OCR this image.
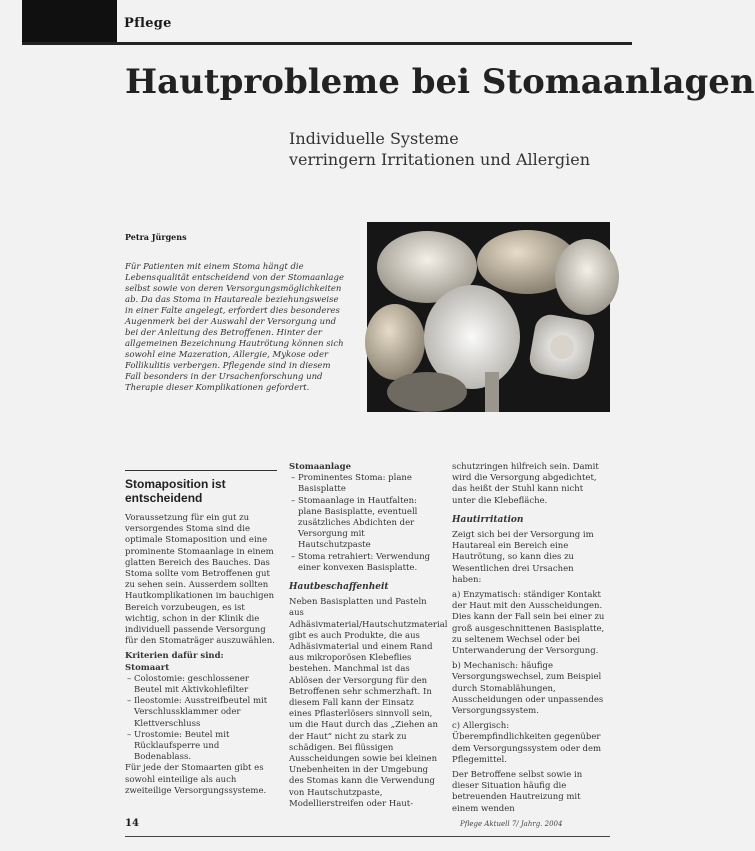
Pflege
Hautprobleme bei Stomaanlagen
Individuelle Systeme
verringern Irritationen und Allergien
Petra Jürgens
Für Patienten mit einem Stoma hängt die Lebensqualität entscheidend von der Stomaanlage selbst sowie von deren Versorgungsmöglichkeiten ab. Da das Stoma in Hautareale beziehungsweise in einer Falte angelegt, erfordert dies besonderes Augenmerk bei der Auswahl der Versorgung und bei der Anleitung des Betroffenen. Hinter der allgemeinen Bezeichnung Hautrötung können sich sowohl eine Mazeration, Allergie, Mykose oder Follikulitis verbergen. Pflegende sind in diesem Fall besonders in der Ursachenforschung und Therapie dieser Komplikationen gefordert.
Stomaposition ist entscheidend

Voraussetzung für ein gut zu versorgendes Stoma sind die optimale Stomaposition und eine prominente Stomaanlage in einem glatten Bereich des Bauches. Das Stoma sollte vom Betroffenen gut zu sehen sein. Ausserdem sollten Hautkomplikationen im bauchigen Bereich vorzubeugen, es ist wichtig, schon in der Klinik die individuell passende Versorgung für den Stomaträger auszuwählen.

Kriterien dafür sind:
Stomaart
– Colostomie: geschlossener Beutel mit Aktivkohlefilter
– Ileostomie: Ausstreifbeutel mit Verschlussklammer oder Klettverschluss
– Urostomie: Beutel mit Rücklaufsperre und Bodenablass.

Für jede der Stomaarten gibt es sowohl einteilige als auch zweiteilige Versorgungssysteme.

Stomaanlage
– Prominentes Stoma: plane Basisplatte
– Stomaanlage in Hautfalten: plane Basisplatte, eventuell zusätzliches Abdichten der Versorgung mit Hautschutzpaste
– Stoma retrahiert: Verwendung einer konvexen Basisplatte.
Hautbeschaffenheit

Neben Basisplatten und Pasteln aus Adhäsivmaterial/Hautschutzmaterial gibt es auch Produkte, die aus Adhäsivmaterial und einem Rand aus mikroporösen Klebeflies bestehen. Manchmal ist das Ablösen der Versorgung für den Betroffenen sehr schmerzhaft. In diesem Fall kann der Einsatz eines Pflasterlösers sinnvoll sein, um die Haut durch das „Ziehen an der Haut“ nicht zu stark zu schädigen. Bei flüssigen Ausscheidungen sowie bei kleinen Unebenheiten in der Umgebung des Stomas kann die Verwendung von Hautschutzpaste, Modellierstreifen oder Haut-

schutzringen hilfreich sein. Damit wird die Versorgung abgedichtet, das heißt der Stuhl kann nicht unter die Klebefläche.

Hautirritation

Zeigt sich bei der Versorgung im Hautareal ein Bereich eine Hautrötung, so kann dies zu Wesentlichen drei Ursachen haben:

a) Enzymatisch: ständiger Kontakt der Haut mit den Ausscheidungen. Dies kann der Fall sein bei einer zu groß ausgeschnittenen Basisplatte, zu seltenem Wechsel oder bei Unterwanderung der Versorgung.

b) Mechanisch: häufige Versorgungswechsel, zum Beispiel durch Stomablähungen, Ausscheidungen oder unpassendes Versorgungssystem.

c) Allergisch: Überempfindlichkeiten gegenüber dem Versorgungssystem oder dem Pflegemittel.

Der Betroffene selbst sowie in dieser Situation häufig die betreuenden Hautreizung mit einem wenden

14	Pflege Aktuell 7/ Jahrg. 2004
